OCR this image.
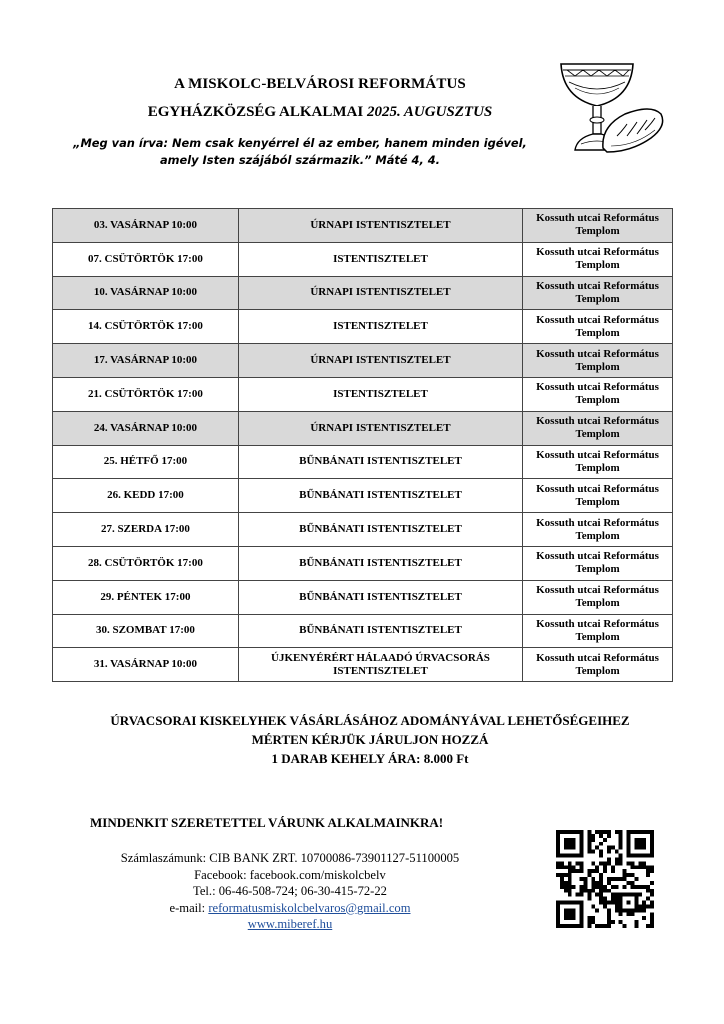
A MISKOLC-BELVÁROSI REFORMÁTUS
EGYHÁZKÖZSÉG ALKALMAI 2025. AUGUSZTUS
„Meg van írva: Nem csak kenyérrel él az ember, hanem minden igével,
amely Isten szájából származik.” Máté 4, 4.
03. VASÁRNAP 10:00	ÚRNAPI ISTENTISZTELET	Kossuth utcai Református Templom
07. CSÜTÖRTÖK 17:00	ISTENTISZTELET	Kossuth utcai Református Templom
10. VASÁRNAP 10:00	ÚRNAPI ISTENTISZTELET	Kossuth utcai Református Templom
14. CSÜTÖRTÖK 17:00	ISTENTISZTELET	Kossuth utcai Református Templom
17. VASÁRNAP 10:00	ÚRNAPI ISTENTISZTELET	Kossuth utcai Református Templom
21. CSÜTÖRTÖK 17:00	ISTENTISZTELET	Kossuth utcai Református Templom
24. VASÁRNAP 10:00	ÚRNAPI ISTENTISZTELET	Kossuth utcai Református Templom
25. HÉTFŐ 17:00	BŰNBÁNATI ISTENTISZTELET	Kossuth utcai Református Templom
26. KEDD 17:00	BŰNBÁNATI ISTENTISZTELET	Kossuth utcai Református Templom
27. SZERDA 17:00	BŰNBÁNATI ISTENTISZTELET	Kossuth utcai Református Templom
28. CSÜTÖRTÖK 17:00	BŰNBÁNATI ISTENTISZTELET	Kossuth utcai Református Templom
29. PÉNTEK 17:00	BŰNBÁNATI ISTENTISZTELET	Kossuth utcai Református Templom
30. SZOMBAT 17:00	BŰNBÁNATI ISTENTISZTELET	Kossuth utcai Református Templom
31. VASÁRNAP 10:00	ÚJKENYÉRÉRT HÁLAADÓ ÚRVACSORÁS ISTENTISZTELET	Kossuth utcai Református Templom
ÚRVACSORAI KISKELYHEK VÁSÁRLÁSÁHOZ ADOMÁNYÁVAL LEHETŐSÉGEIHEZ
MÉRTEN KÉRJÜK JÁRULJON HOZZÁ
1 DARAB KEHELY ÁRA: 8.000 Ft
MINDENKIT SZERETETTEL VÁRUNK ALKALMAINKRA!
Számlaszámunk: CIB BANK ZRT. 10700086-73901127-51100005
Facebook: facebook.com/miskolcbelv
Tel.: 06-46-508-724; 06-30-415-72-22
e-mail: reformatusmiskolcbelvaros@gmail.com
www.miberef.hu
